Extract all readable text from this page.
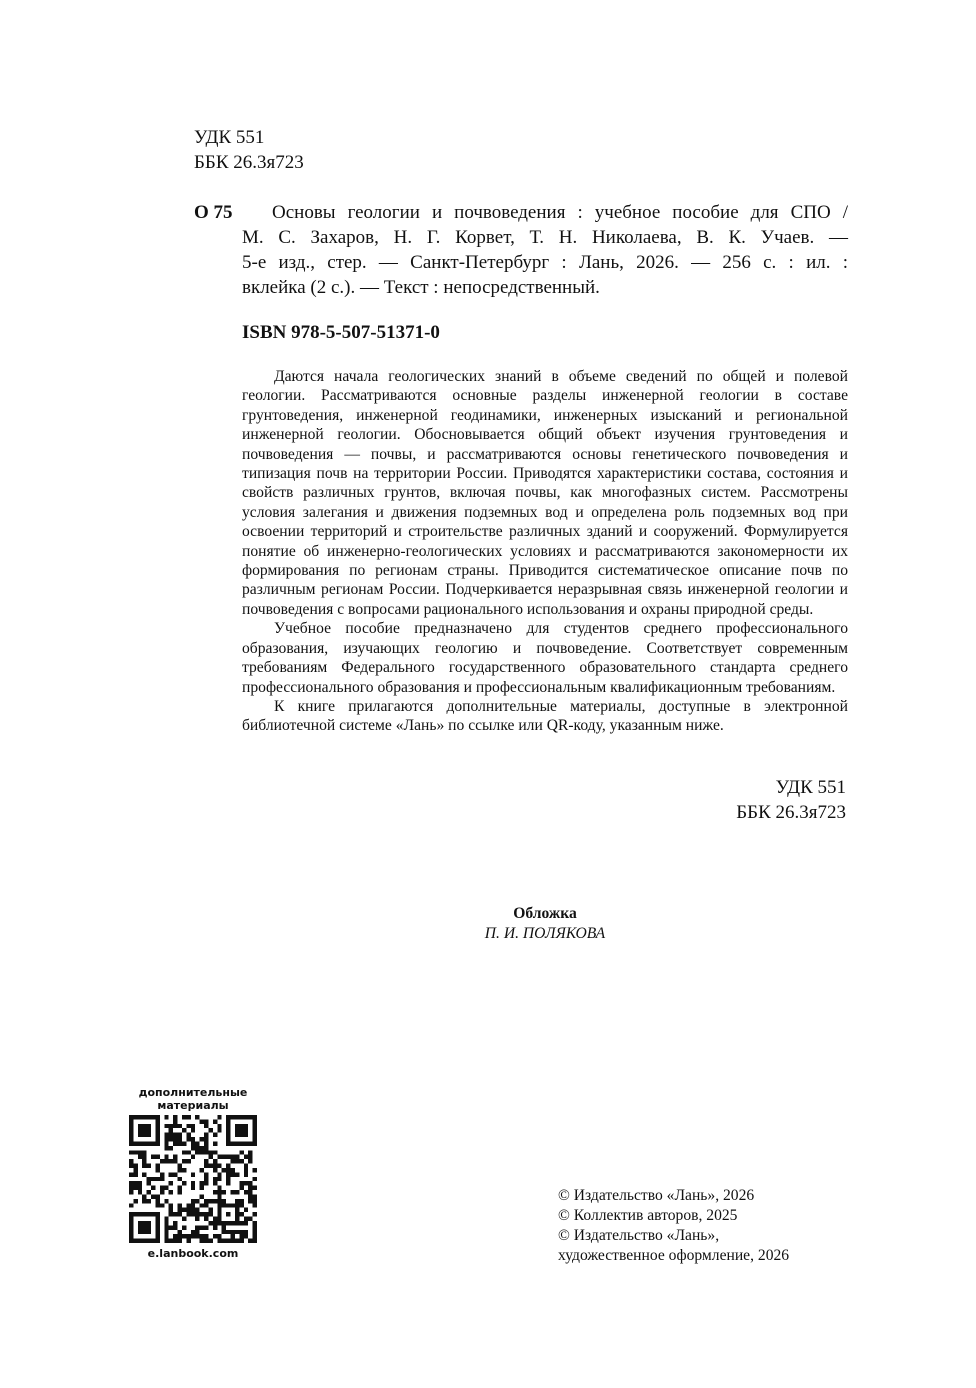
УДК 551
ББК 26.3я723
О 75	Основы геологии и почвоведения : учебное пособие для СПО /
М. С. Захаров, Н. Г. Корвет, Т. Н. Николаева, В. К. Учаев. —
5-е изд., стер. — Санкт-Петербург : Лань, 2026. — 256 с. : ил. :
вклейка (2 с.). — Текст : непосредственный.
ISBN 978-5-507-51371-0

Даются начала геологических знаний в объеме сведений по общей и полевой геологии. Рассматриваются основные разделы инженерной геологии в составе грунтоведения, инженерной геодинамики, инженерных изысканий и региональной инженерной геологии. Обосновывается общий объект изучения грунтоведения и почвоведения — почвы, и рассматриваются основы генетического почвоведения и типизация почв на территории России. Приводятся характеристики состава, состояния и свойств различных грунтов, включая почвы, как многофазных систем. Рассмотрены условия залегания и движения подземных вод и определена роль подземных вод при освоении территорий и строительстве различных зданий и сооружений. Формулируется понятие об инженерно-геологических условиях и рассматриваются закономерности их формирования по регионам страны. Приводится систематическое описание почв по различным регионам России. Подчеркивается неразрывная связь инженерной геологии и почвоведения с вопросами рационального использования и охраны природной среды.

Учебное пособие предназначено для студентов среднего профессионального образования, изучающих геологию и почвоведение. Соответствует современным требованиям Федерального государственного образовательного стандарта среднего профессионального образования и профессиональным квалификационным требованиям.

К книге прилагаются дополнительные материалы, доступные в электронной библиотечной системе «Лань» по ссылке или QR-коду, указанным ниже.

УДК 551
ББК 26.3я723
Обложка
П. И. ПОЛЯКОВА
дополнительные
материалы
e.lanbook.com
© Издательство «Лань», 2026
© Коллектив авторов, 2025
© Издательство «Лань»,
художественное оформление, 2026
